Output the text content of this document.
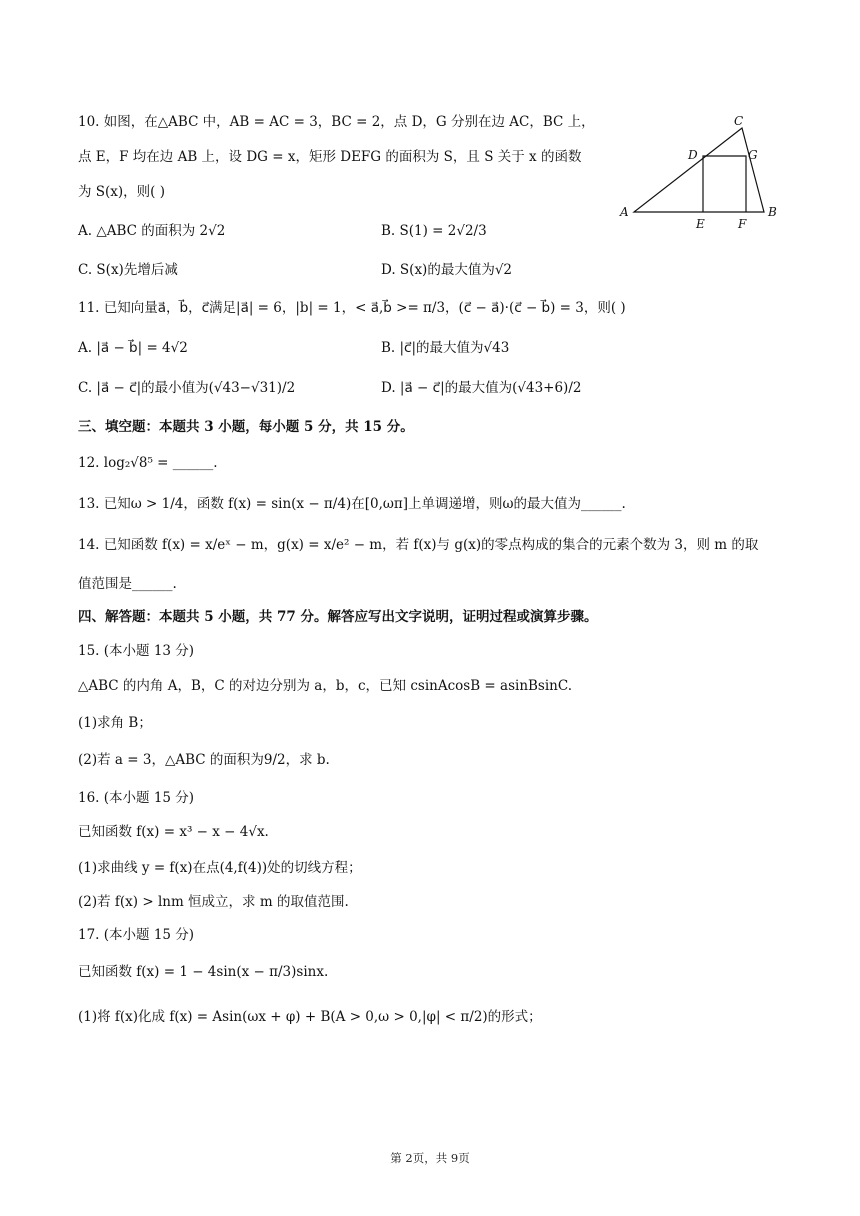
10. 如图，在△ABC 中，AB = AC = 3，BC = 2，点 D，G 分别在边 AC，BC 上，
点 E，F 均在边 AB 上，设 DG = x，矩形 DEFG 的面积为 S，且 S 关于 x 的函数
为 S(x)，则( )
A. △ABC 的面积为 2√2	B. S(1) = 2√2/3
C. S(x)先增后减	D. S(x)的最大值为√2
11. 已知向量a⃗，b⃗，c⃗满足|a⃗| = 6，|b| = 1，< a⃗,b⃗ >= π/3，(c⃗ − a⃗)·(c⃗ − b⃗) = 3，则( )
A. |a⃗ − b⃗| = 4√2	B. |c⃗|的最大值为√43
C. |a⃗ − c⃗|的最小值为(√43−√31)/2	D. |a⃗ − c⃗|的最大值为(√43+6)/2
三、填空题：本题共 3 小题，每小题 5 分，共 15 分。
12. log₂√8⁵ = ______.
13. 已知ω > 1/4，函数 f(x) = sin(x − π/4)在[0,ωπ]上单调递增，则ω的最大值为______.
14. 已知函数 f(x) = x/eˣ − m，g(x) = x/e² − m，若 f(x)与 g(x)的零点构成的集合的元素个数为 3，则 m 的取
值范围是______.
四、解答题：本题共 5 小题，共 77 分。解答应写出文字说明，证明过程或演算步骤。
15. (本小题 13 分)
△ABC 的内角 A，B，C 的对边分别为 a，b，c，已知 csinAcosB = asinBsinC.
(1)求角 B；
(2)若 a = 3，△ABC 的面积为9/2，求 b.
16. (本小题 15 分)
已知函数 f(x) = x³ − x − 4√x.
(1)求曲线 y = f(x)在点(4,f(4))处的切线方程；
(2)若 f(x) > lnm 恒成立，求 m 的取值范围.
17. (本小题 15 分)
已知函数 f(x) = 1 − 4sin(x − π/3)sinx.
(1)将 f(x)化成 f(x) = Asin(ωx + φ) + B(A > 0,ω > 0,|φ| < π/2)的形式；
A	B
C
D
E	F
G
第 2页，共 9页
